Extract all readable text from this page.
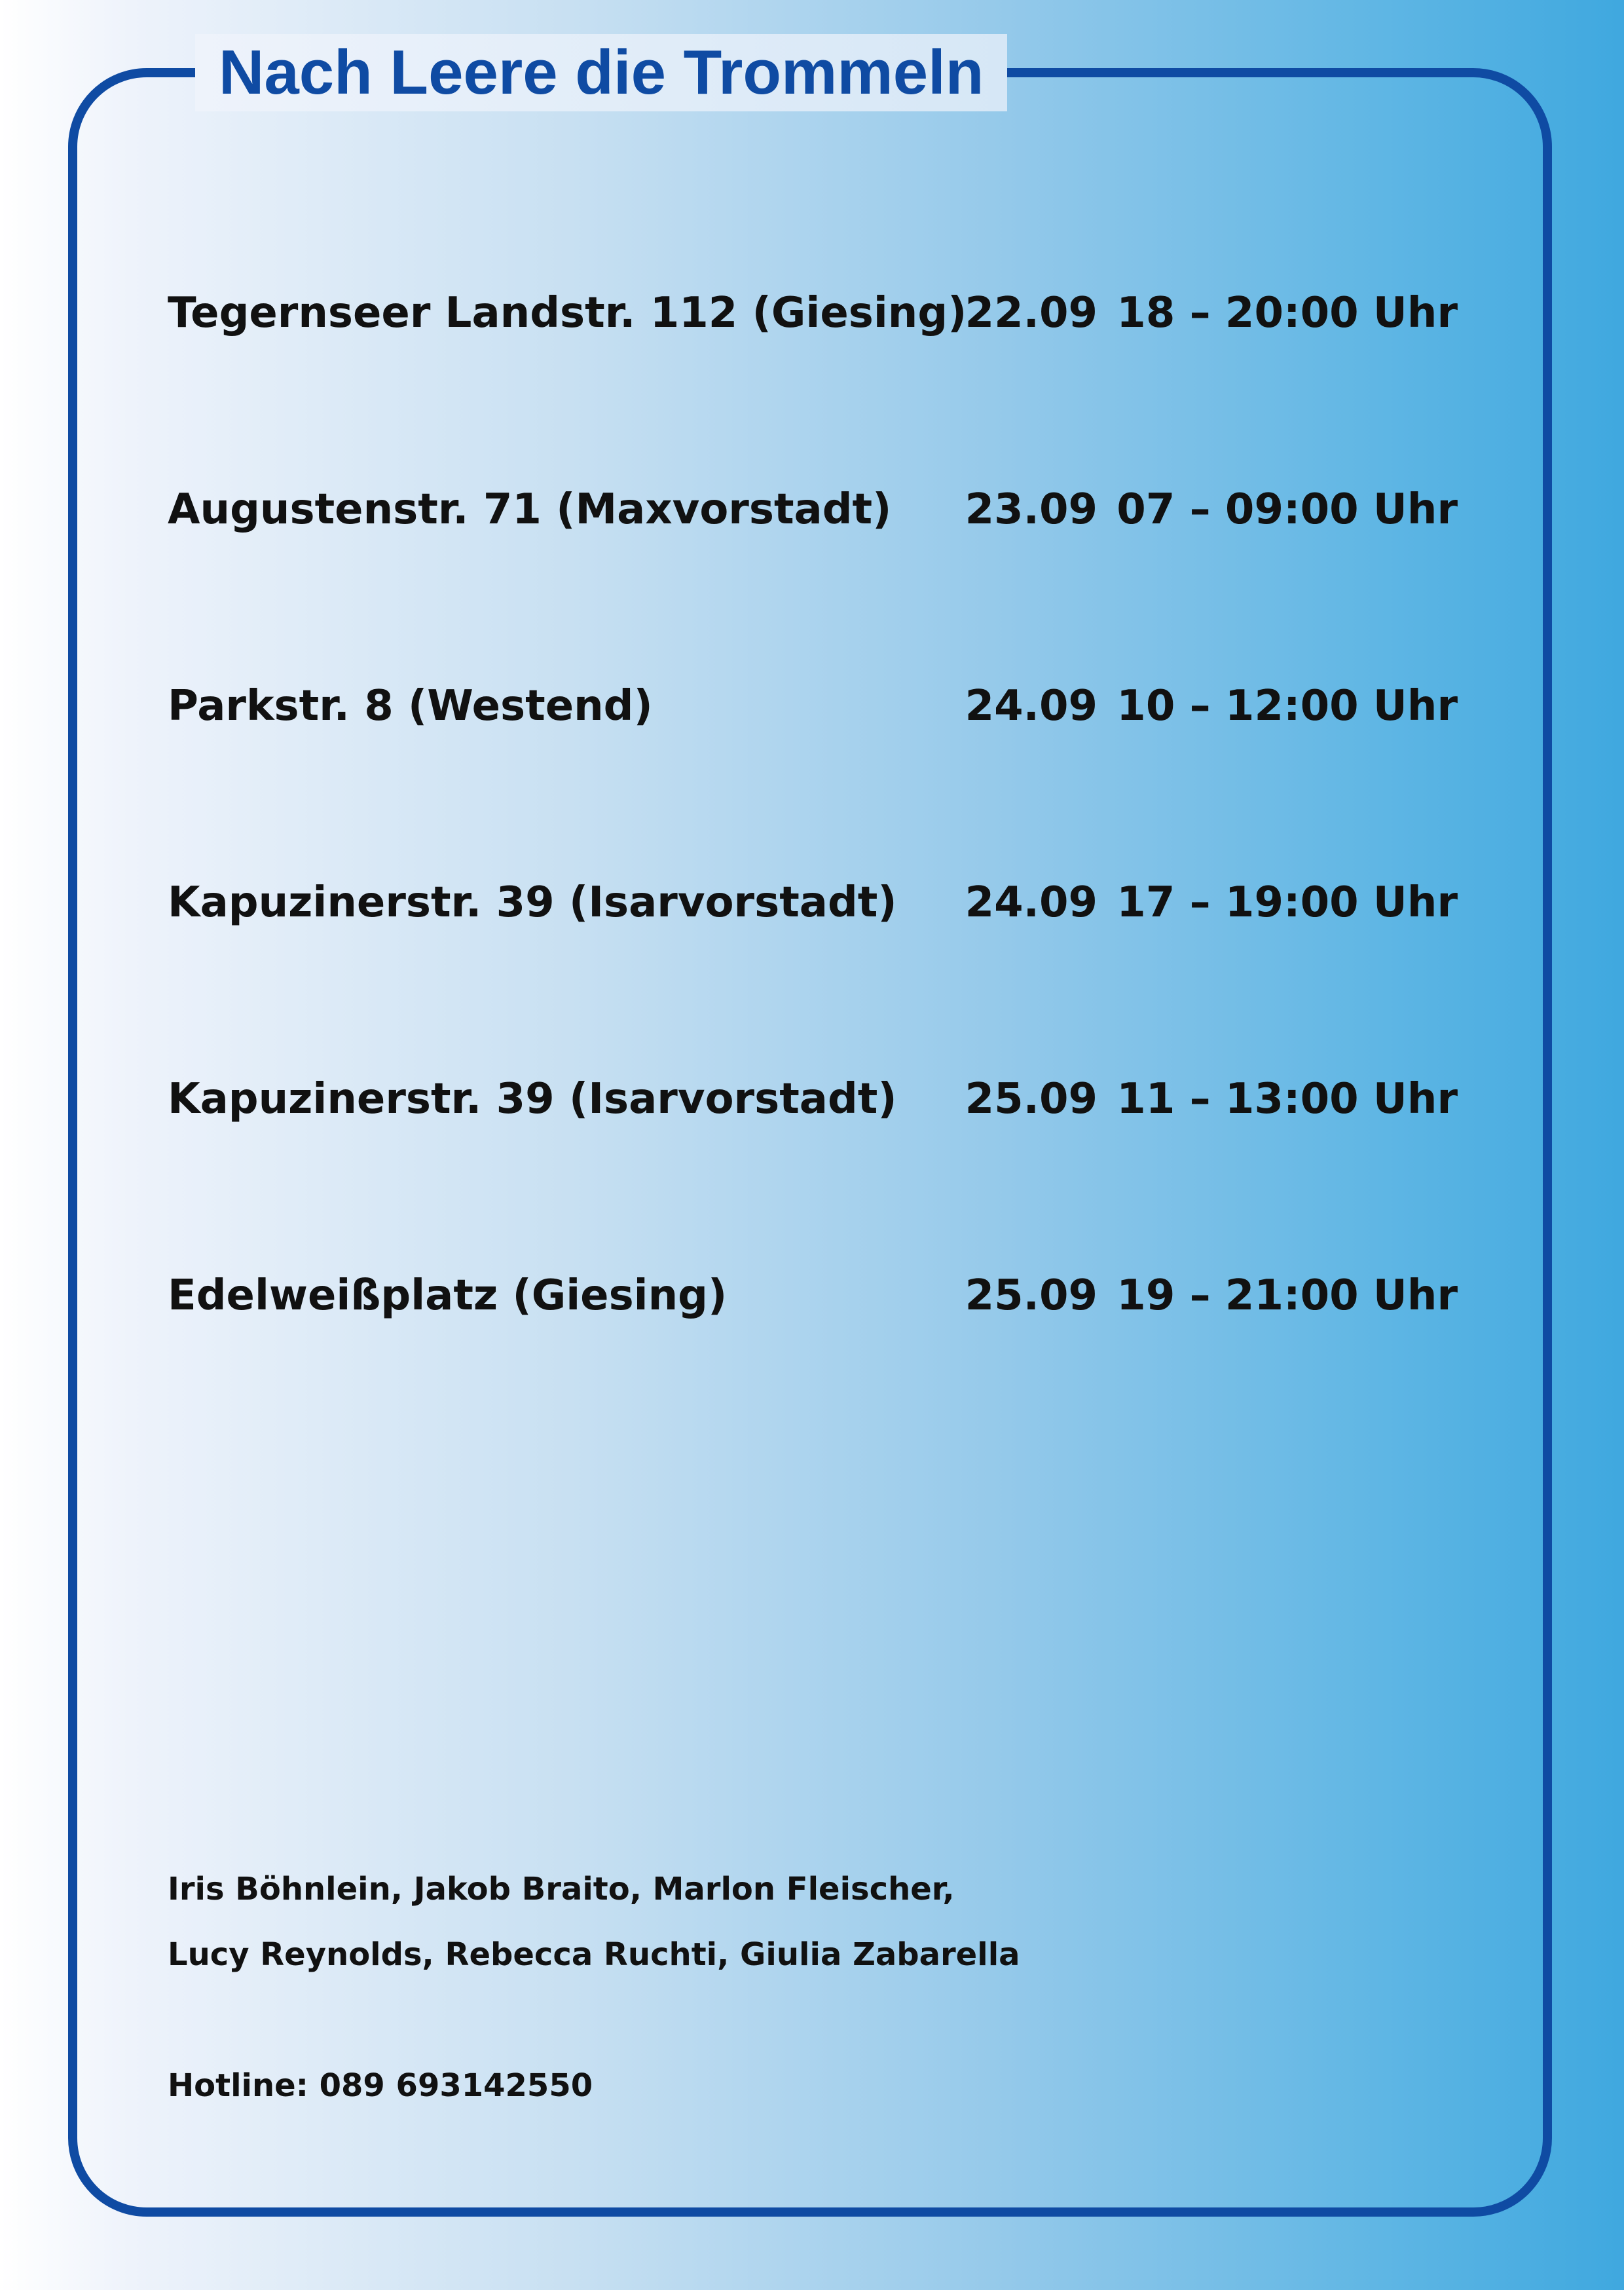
Nach Leere die Trommeln
Tegernseer Landstr. 112 (Giesing)
22.09 18 – 20:00 Uhr
Augustenstr. 71 (Maxvorstadt) 23.09 07 – 09:00 Uhr
Parkstr. 8 (Westend)	24.09 10 – 12:00 Uhr
Kapuzinerstr. 39 (Isarvorstadt) 24.09 17 – 19:00 Uhr
Kapuzinerstr. 39 (Isarvorstadt) 25.09 11 – 13:00 Uhr
Edelweißplatz (Giesing)	25.09 19 – 21:00 Uhr
Iris Böhnlein, Jakob Braito, Marlon Fleischer,
Lucy Reynolds, Rebecca Ruchti, Giulia Zabarella
Hotline: 089 693142550
